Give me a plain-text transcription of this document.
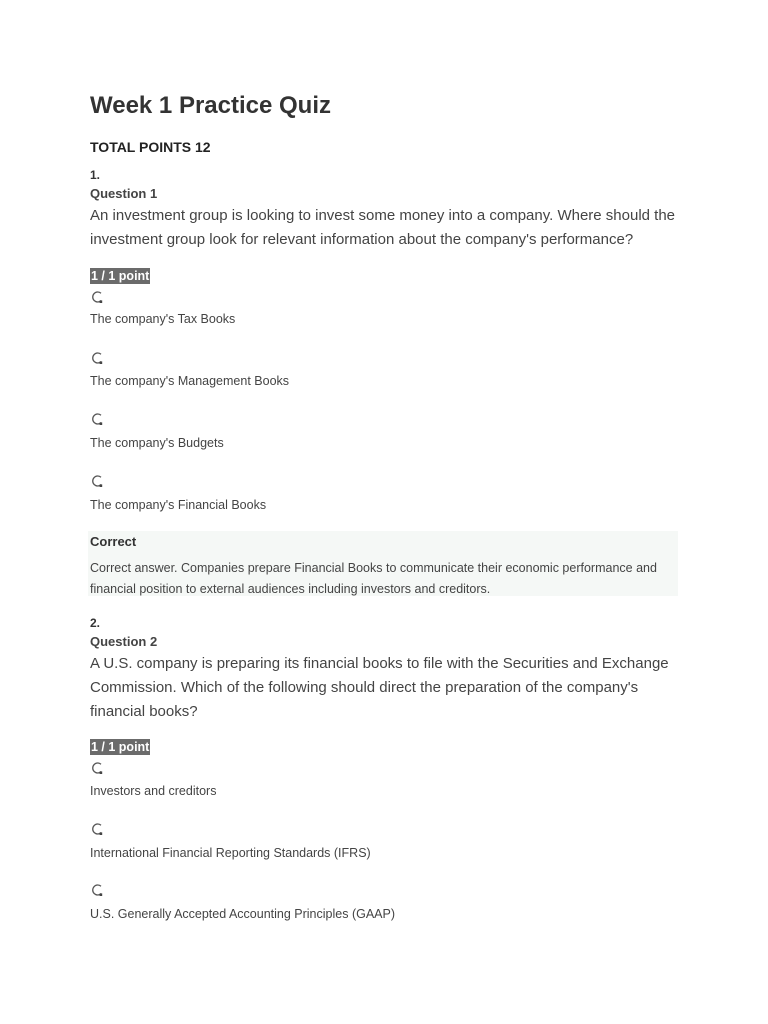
Week 1 Practice Quiz
TOTAL POINTS 12
1.
Question 1
An investment group is looking to invest some money into a company. Where should the investment group look for relevant information about the company's performance?
1 / 1 point
The company's Tax Books
The company's Management Books
The company's Budgets
The company's Financial Books
Correct
Correct answer. Companies prepare Financial Books to communicate their economic performance and financial position to external audiences including investors and creditors.
2.
Question 2
A U.S. company is preparing its financial books to file with the Securities and Exchange Commission. Which of the following should direct the preparation of the company's financial books?
1 / 1 point
Investors and creditors
International Financial Reporting Standards (IFRS)
U.S. Generally Accepted Accounting Principles (GAAP)
